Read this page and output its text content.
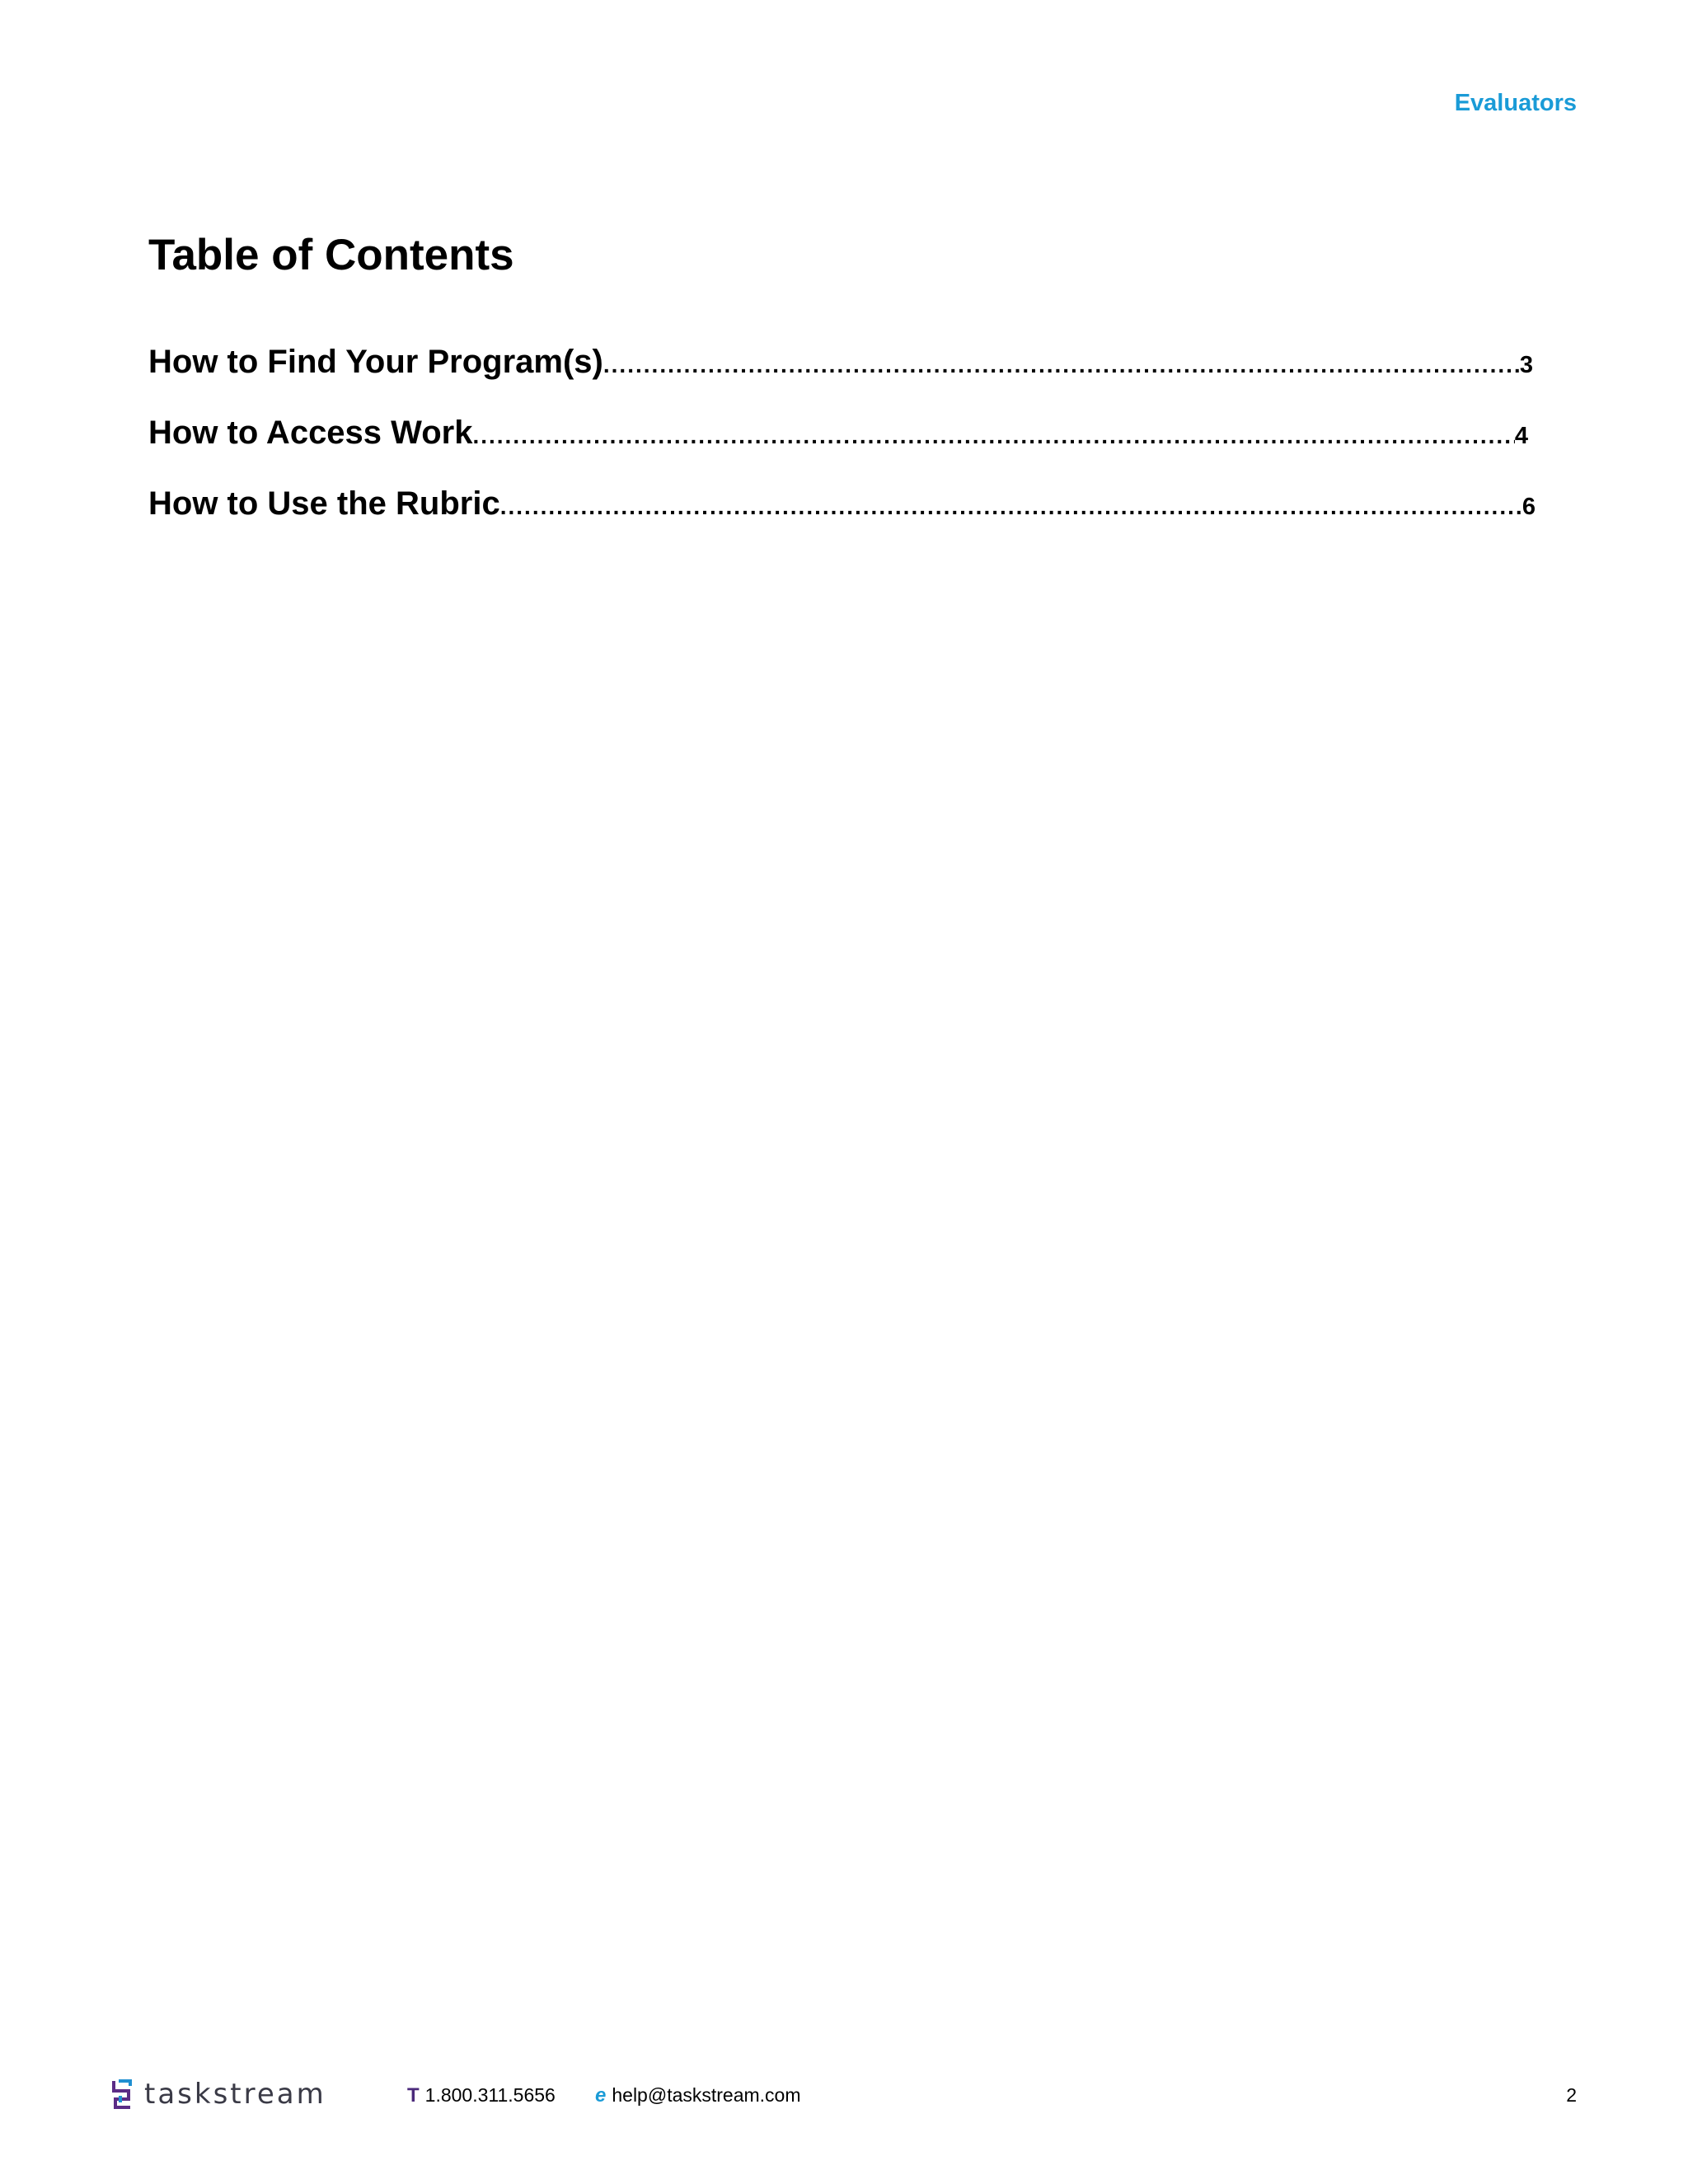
Evaluators
Table of Contents
How to Find Your Program(s) .....	3
How to Access Work .....	4
How to Use the Rubric .....	6
taskstream	T 1.800.311.5656 e help@taskstream.com	2
